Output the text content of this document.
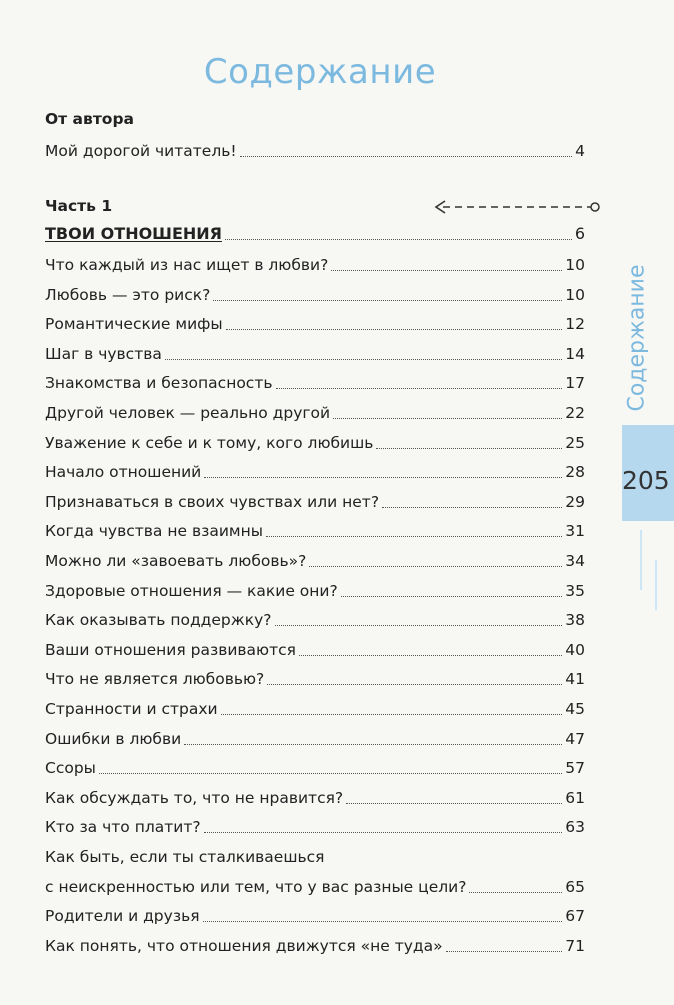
Содержание
От автора
Мой дорогой читатель!	4
Часть 1
ТВОИ ОТНОШЕНИЯ	6
Что каждый из нас ищет в любви?	10
Любовь — это риск?	10
Романтические мифы	12
Шаг в чувства	14
Знакомства и безопасность	17
Другой человек — реально другой	22
Уважение к себе и к тому, кого любишь	25
Начало отношений	28
Признаваться в своих чувствах или нет?	29
Когда чувства не взаимны	31
Можно ли «завоевать любовь»?	34
Здоровые отношения — какие они?	35
Как оказывать поддержку?	38
Ваши отношения развиваются	40
Что не является любовью?	41
Странности и страхи	45
Ошибки в любви	47
Ссоры	57
Как обсуждать то, что не нравится?	61
Кто за что платит?	63
Как быть, если ты сталкиваешься
с неискренностью или тем, что у вас разные цели?	65
Родители и друзья	67
Как понять, что отношения движутся «не туда»	71
Содержание
205
